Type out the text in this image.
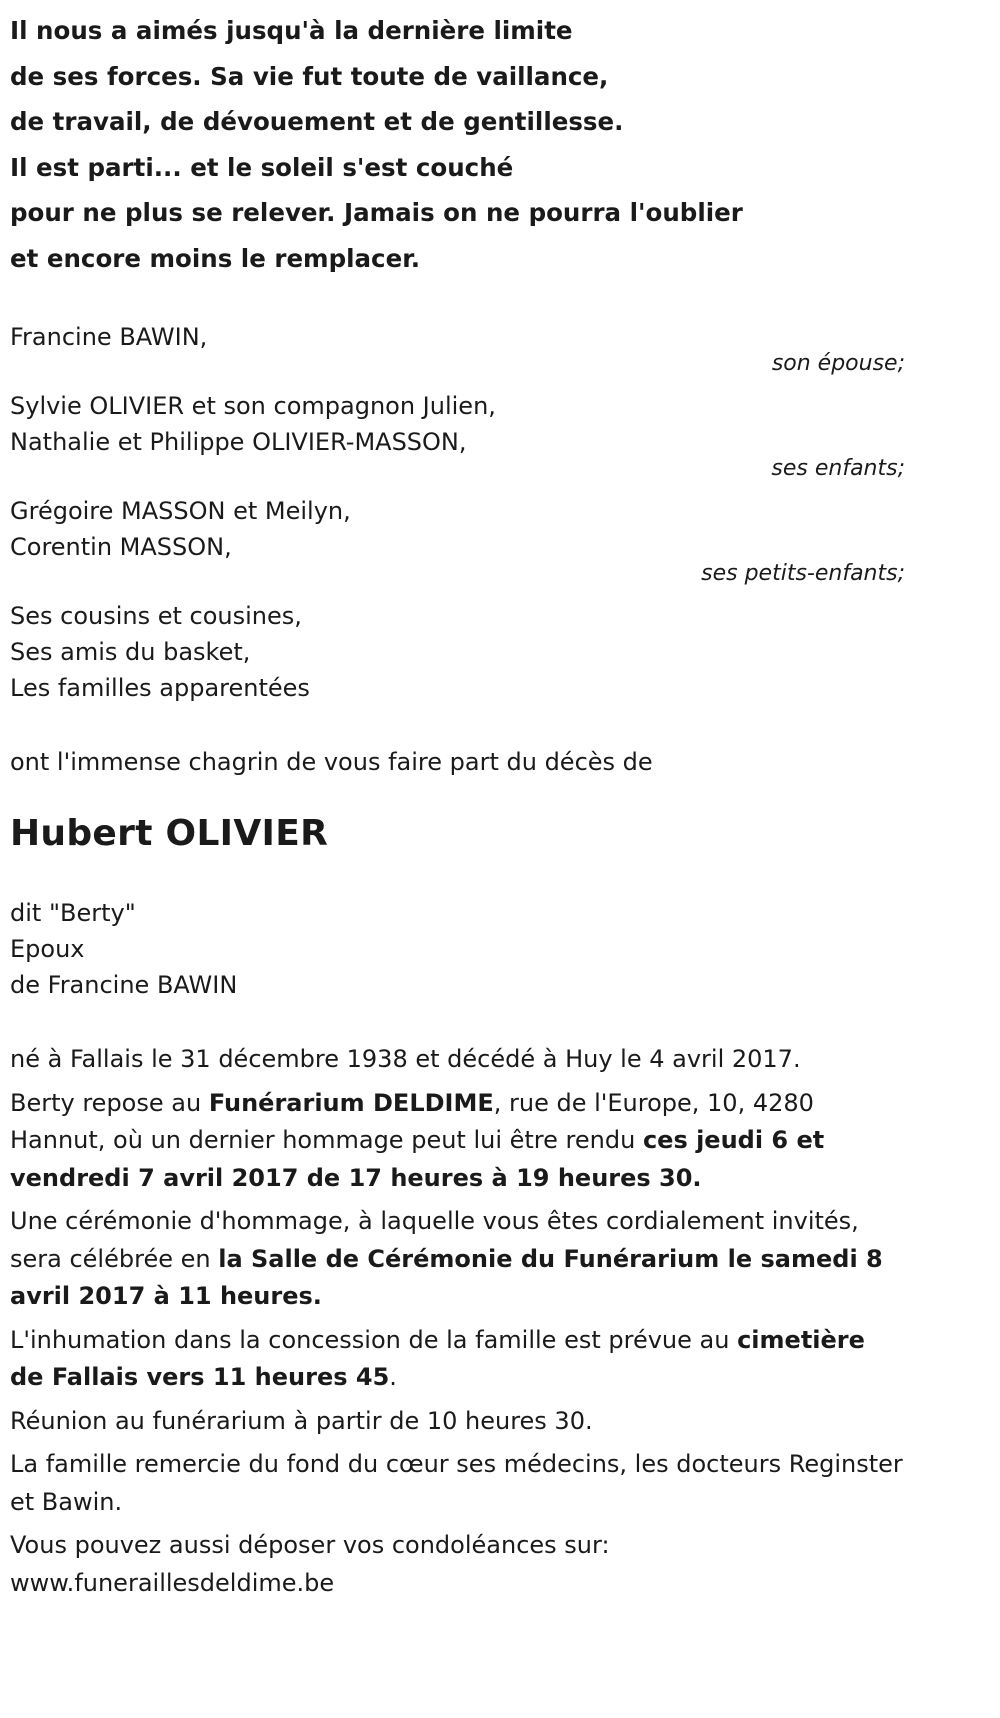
Il nous a aimés jusqu'à la dernière limite
de ses forces. Sa vie fut toute de vaillance,
de travail, de dévouement et de gentillesse.
Il est parti... et le soleil s'est couché
pour ne plus se relever. Jamais on ne pourra l'oublier
et encore moins le remplacer.
Francine BAWIN,
son épouse;
Sylvie OLIVIER et son compagnon Julien,
Nathalie et Philippe OLIVIER-MASSON,
ses enfants;
Grégoire MASSON et Meilyn,
Corentin MASSON,
ses petits-enfants;
Ses cousins et cousines,
Ses amis du basket,
Les familles apparentées
ont l'immense chagrin de vous faire part du décès de
Hubert OLIVIER
dit "Berty"
Epoux
de Francine BAWIN
né à Fallais le 31 décembre 1938 et décédé à Huy le 4 avril 2017.
Berty repose au Funérarium DELDIME, rue de l'Europe, 10, 4280 Hannut, où un dernier hommage peut lui être rendu ces jeudi 6 et vendredi 7 avril 2017 de 17 heures à 19 heures 30.
Une cérémonie d'hommage, à laquelle vous êtes cordialement invités, sera célébrée en la Salle de Cérémonie du Funérarium le samedi 8 avril 2017 à 11 heures.
L'inhumation dans la concession de la famille est prévue au cimetière de Fallais vers 11 heures 45.
Réunion au funérarium à partir de 10 heures 30.
La famille remercie du fond du cœur ses médecins, les docteurs Reginster et Bawin.
Vous pouvez aussi déposer vos condoléances sur:
www.funeraillesdeldime.be
